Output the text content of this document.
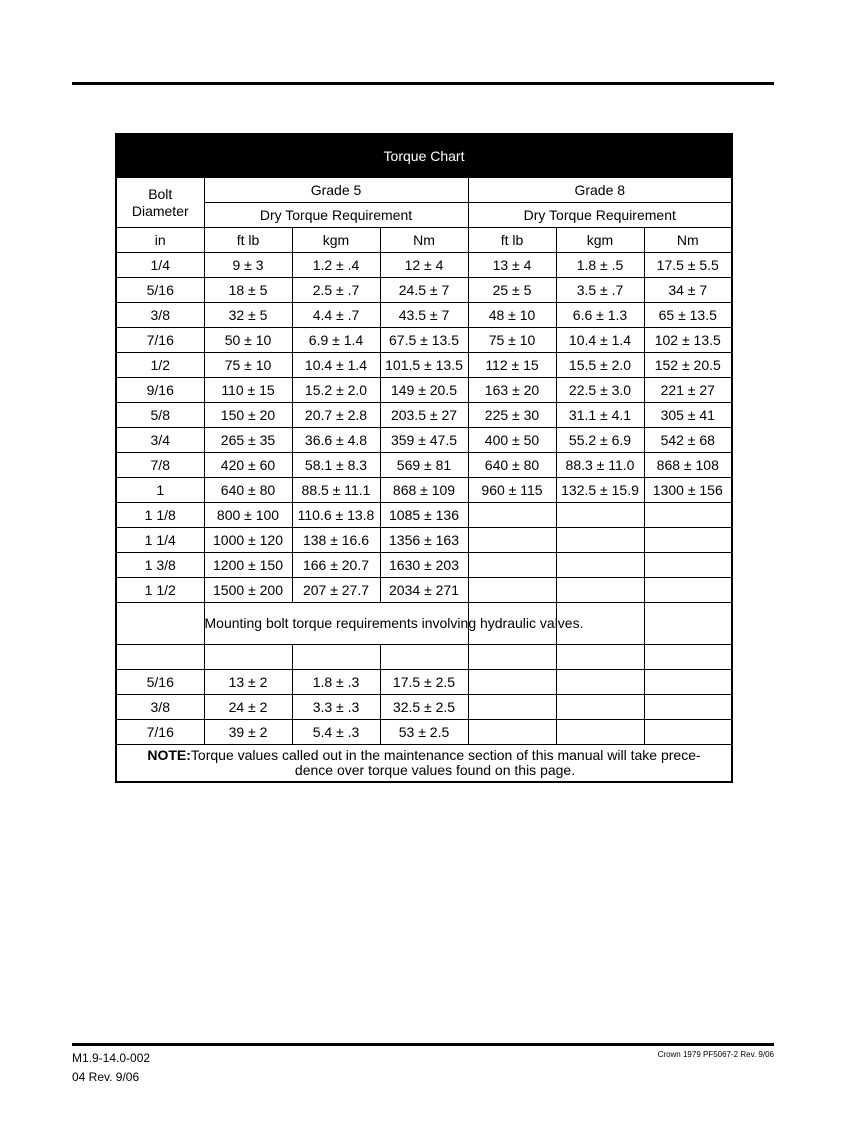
Torque Chart						
Bolt Diameter	Grade 5			Grade 8		
	Dry Torque Requirement			Dry Torque Requirement		
in	ft lb	kgm	Nm	ft lb	kgm	Nm
1/4	9 ± 3	1.2 ± .4	12 ± 4	13 ± 4	1.8 ± .5	17.5 ± 5.5
5/16	18 ± 5	2.5 ± .7	24.5 ± 7	25 ± 5	3.5 ± .7	34 ± 7
3/8	32 ± 5	4.4 ± .7	43.5 ± 7	48 ± 10	6.6 ± 1.3	65 ± 13.5
7/16	50 ± 10	6.9 ± 1.4	67.5 ± 13.5	75 ± 10	10.4 ± 1.4	102 ± 13.5
1/2	75 ± 10	10.4 ± 1.4	101.5 ± 13.5	112 ± 15	15.5 ± 2.0	152 ± 20.5
9/16	110 ± 15	15.2 ± 2.0	149 ± 20.5	163 ± 20	22.5 ± 3.0	221 ± 27
5/8	150 ± 20	20.7 ± 2.8	203.5 ± 27	225 ± 30	31.1 ± 4.1	305 ± 41
3/4	265 ± 35	36.6 ± 4.8	359 ± 47.5	400 ± 50	55.2 ± 6.9	542 ± 68
7/8	420 ± 60	58.1 ± 8.3	569 ± 81	640 ± 80	88.3 ± 11.0	868 ± 108
1	640 ± 80	88.5 ± 11.1	868 ± 109	960 ± 115	132.5 ± 15.9	1300 ± 156
1 1/8	800 ± 100	110.6 ± 13.8	1085 ± 136			
1 1/4	1000 ± 120	138 ± 16.6	1356 ± 163			
1 3/8	1200 ± 150	166 ± 20.7	1630 ± 203			
1 1/2	1500 ± 200	207 ± 27.7	2034 ± 271			
	Mounting bolt torque requirements involving hydraulic valves.					

5/16	13 ± 2	1.8 ± .3	17.5 ± 2.5			
3/8	24 ± 2	3.3 ± .3	32.5 ± 2.5			
7/16	39 ± 2	5.4 ± .3	53 ± 2.5			
NOTE:Torque values called out in the maintenance section of this manual will take prece-
dence over torque values found on this page.						
M1.9-14.0-002
04 Rev. 9/06
Crown 1979 PF5067-2 Rev. 9/06
